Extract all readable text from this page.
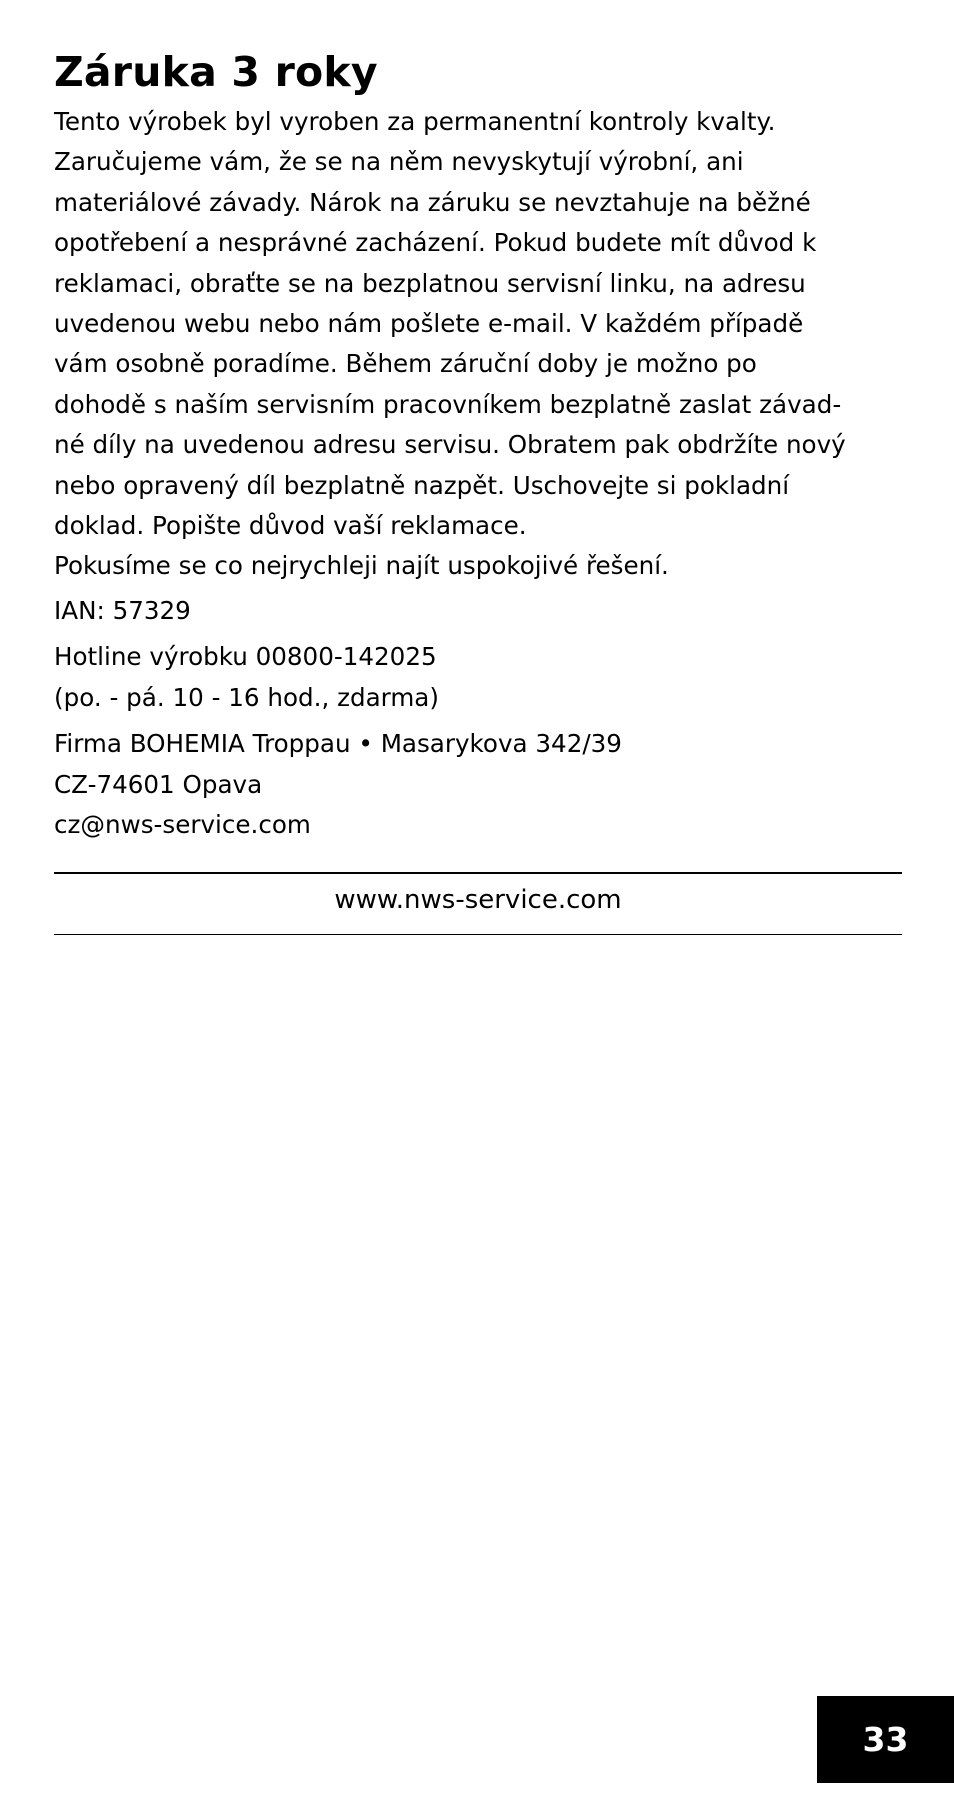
Záruka 3 roky
Tento výrobek byl vyroben za permanentní kontroly kvalty.
Zaručujeme vám, že se na něm nevyskytují výrobní, ani
materiálové závady. Nárok na záruku se nevztahuje na běžné
opotřebení a nesprávné zacházení. Pokud budete mít důvod k
reklamaci, obraťte se na bezplatnou servisní linku, na adresu
uvedenou webu nebo nám pošlete e-mail. V každém případě
vám osobně poradíme. Během záruční doby je možno po
dohodě s naším servisním pracovníkem bezplatně zaslat závad-
né díly na uvedenou adresu servisu. Obratem pak obdržíte nový
nebo opravený díl bezplatně nazpět. Uschovejte si pokladní
doklad. Popište důvod vaší reklamace.
Pokusíme se co nejrychleji najít uspokojivé řešení.
IAN: 57329
Hotline výrobku 00800-142025
(po. - pá. 10 - 16 hod., zdarma)
Firma BOHEMIA Troppau • Masarykova 342/39
CZ-74601 Opava
cz@nws-service.com
www.nws-service.com
33
